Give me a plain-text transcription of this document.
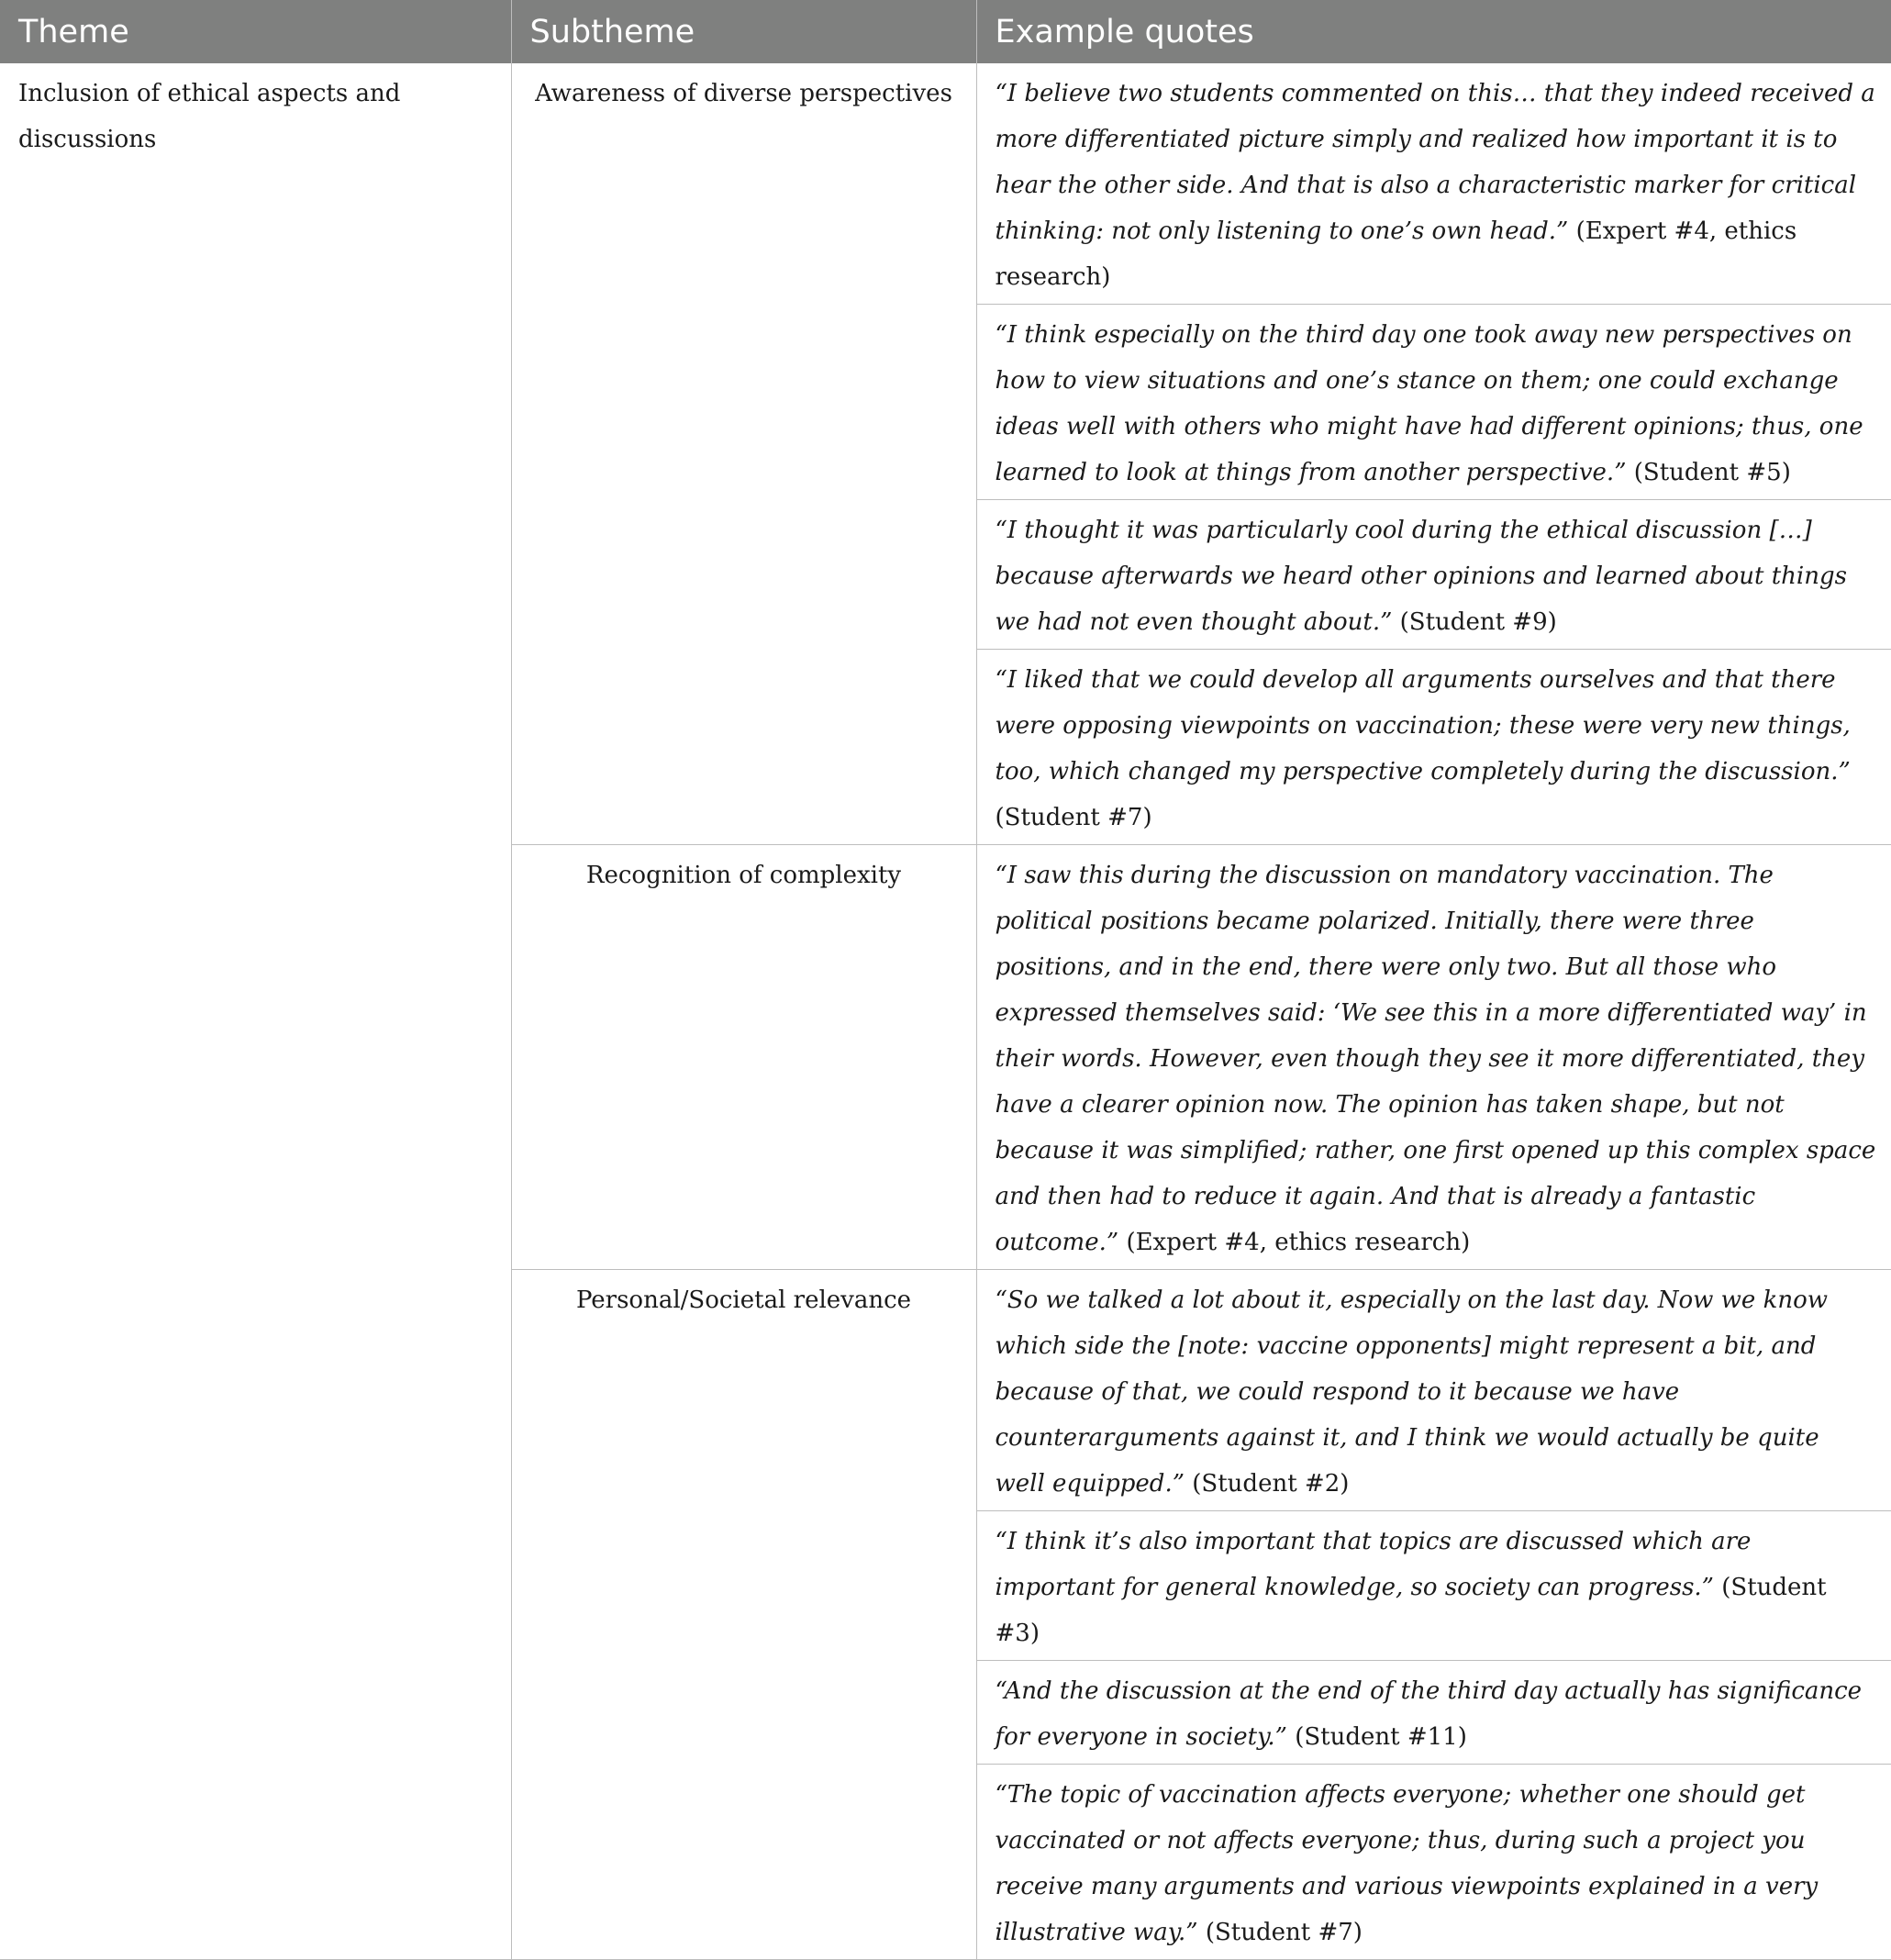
Theme	Subtheme	Example quotes
Inclusion of ethical aspects and discussions	Awareness of diverse perspectives	“I believe two students commented on this… that they indeed received a more differentiated picture simply and realized how important it is to hear the other side. And that is also a characteristic marker for critical thinking: not only listening to one’s own head.” (Expert #4, ethics research)
		“I think especially on the third day one took away new perspectives on how to view situations and one’s stance on them; one could exchange ideas well with others who might have had different opinions; thus, one learned to look at things from another perspective.” (Student #5)
		“I thought it was particularly cool during the ethical discussion […] because afterwards we heard other opinions and learned about things we had not even thought about.” (Student #9)
		“I liked that we could develop all arguments ourselves and that there were opposing viewpoints on vaccination; these were very new things, too, which changed my perspective completely during the discussion.” (Student #7)
	Recognition of complexity	“I saw this during the discussion on mandatory vaccination. The political positions became polarized. Initially, there were three positions, and in the end, there were only two. But all those who expressed themselves said: ‘We see this in a more differentiated way’ in their words. However, even though they see it more differentiated, they have a clearer opinion now. The opinion has taken shape, but not because it was simplified; rather, one first opened up this complex space and then had to reduce it again. And that is already a fantastic outcome.” (Expert #4, ethics research)
	Personal/Societal relevance	“So we talked a lot about it, especially on the last day. Now we know which side the [note: vaccine opponents] might represent a bit, and because of that, we could respond to it because we have counterarguments against it, and I think we would actually be quite well equipped.” (Student #2)
		“I think it’s also important that topics are discussed which are important for general knowledge, so society can progress.” (Student #3)
		“And the discussion at the end of the third day actually has significance for everyone in society.” (Student #11)
		“The topic of vaccination affects everyone; whether one should get vaccinated or not affects everyone; thus, during such a project you receive many arguments and various viewpoints explained in a very illustrative way.” (Student #7)
